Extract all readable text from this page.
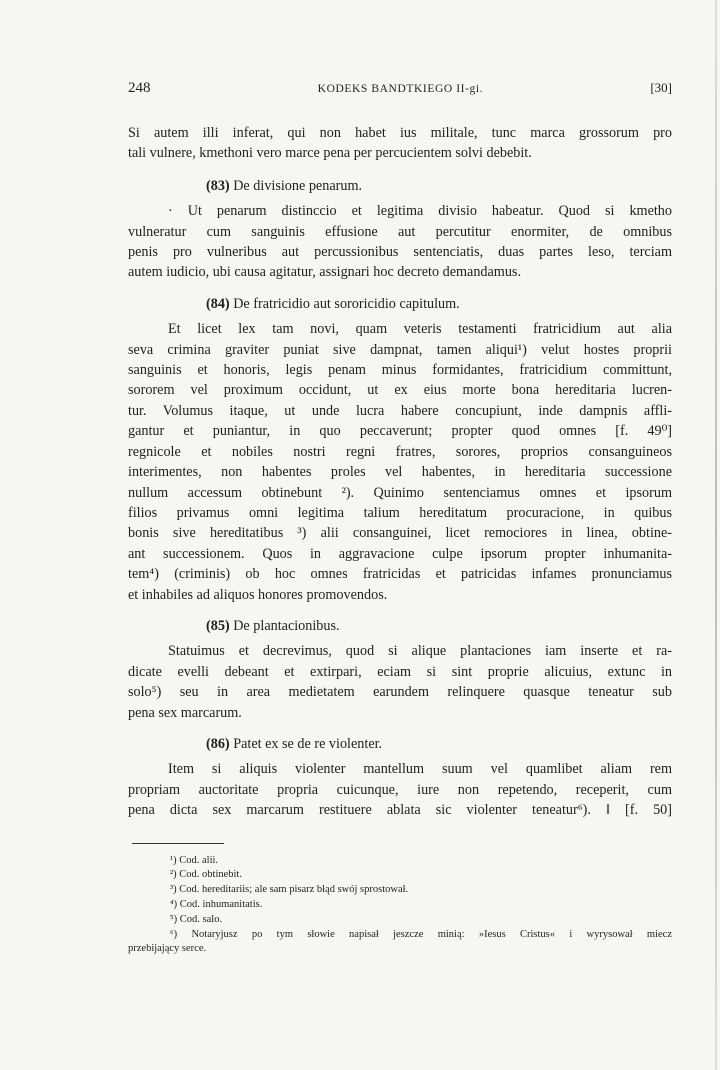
248	KODEKS BANDTKIEGO II-gi.	[30]

Si autem illi inferat, qui non habet ius militale, tunc marca grossorum pro
tali vulnere, kmethoni vero marce pena per percucientem solvi debebit.

(83) De divisione penarum.

· Ut penarum distinccio et legitima divisio habeatur. Quod si kmetho
vulneratur cum sanguinis effusione aut percutitur enormiter, de omnibus
penis pro vulneribus aut percussionibus sentenciatis, duas partes leso, terciam
autem iudicio, ubi causa agitatur, assignari hoc decreto demandamus.

(84) De fratricidio aut sororicidio capitulum.

Et licet lex tam novi, quam veteris testamenti fratricidium aut alia
seva crimina graviter puniat sive dampnat, tamen aliqui¹) velut hostes proprii
sanguinis et honoris, legis penam minus formidantes, fratricidium committunt,
sororem vel proximum occidunt, ut ex eius morte bona hereditaria lucren-
tur. Volumus itaque, ut unde lucra habere concupiunt, inde dampnis affli-
gantur et puniantur, in quo peccaverunt; propter quod omnes [f. 49⁰]
regnicole et nobiles nostri regni fratres, sorores, proprios consanguineos
interimentes, non habentes proles vel habentes, in hereditaria successione
nullum accessum obtinebunt ²). Quinimo sentenciamus omnes et ipsorum
filios privamus omni legitima talium hereditatum procuracione, in quibus
bonis sive hereditatibus ³) alii consanguinei, licet remociores in linea, obtine-
ant successionem. Quos in aggravacione culpe ipsorum propter inhumanita-
tem⁴) (criminis) ob hoc omnes fratricidas et patricidas infames pronunciamus
et inhabiles ad aliquos honores promovendos.

(85) De plantacionibus.

Statuimus et decrevimus, quod si alique plantaciones iam inserte et ra-
dicate evelli debeant et extirpari, eciam si sint proprie alicuius, extunc in
solo⁵) seu in area medietatem earundem relinquere quasque teneatur sub
pena sex marcarum.

(86) Patet ex se de re violenter.

Item si aliquis violenter mantellum suum vel quamlibet aliam rem
propriam auctoritate propria cuicunque, iure non repetendo, receperit, cum
pena dicta sex marcarum restituere ablata sic violenter teneatur⁶). ‖ [f. 50]

¹) Cod. alii.
²) Cod. obtinebit.
³) Cod. hereditariis; ale sam pisarz błąd swój sprostował.
⁴) Cod. inhumanitatis.
⁵) Cod. salo.
⁶) Notaryjusz po tym słowie napisał jeszcze minią: »Iesus Cristus« i wyrysował miecz
przebijający serce.
